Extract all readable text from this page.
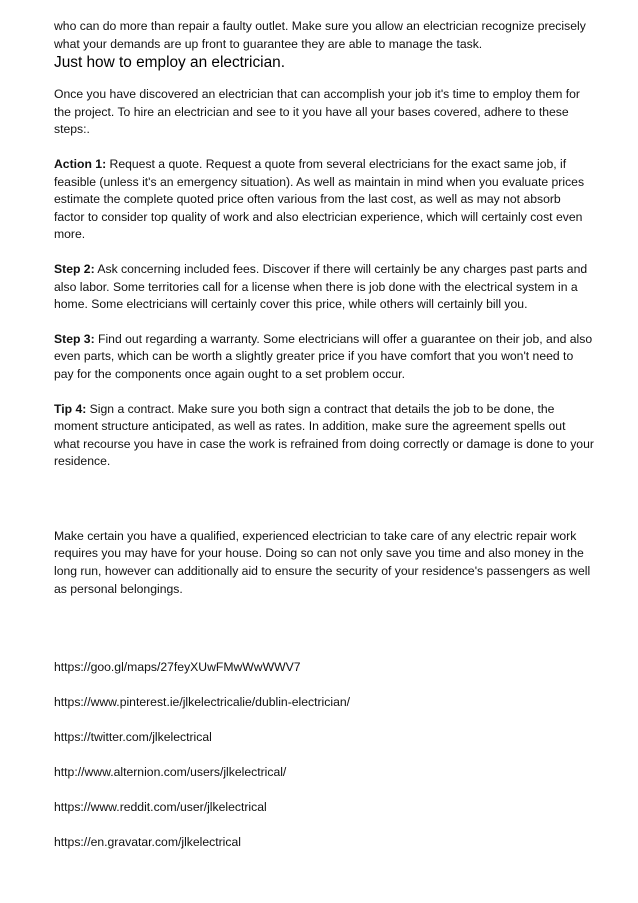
who can do more than repair a faulty outlet. Make sure you allow an electrician recognize precisely what your demands are up front to guarantee they are able to manage the task.

Just how to employ an electrician.

Once you have discovered an electrician that can accomplish your job it's time to employ them for the project. To hire an electrician and see to it you have all your bases covered, adhere to these steps:.

Action 1: Request a quote. Request a quote from several electricians for the exact same job, if feasible (unless it's an emergency situation). As well as maintain in mind when you evaluate prices estimate the complete quoted price often various from the last cost, as well as may not absorb factor to consider top quality of work and also electrician experience, which will certainly cost even more.

Step 2: Ask concerning included fees. Discover if there will certainly be any charges past parts and also labor. Some territories call for a license when there is job done with the electrical system in a home. Some electricians will certainly cover this price, while others will certainly bill you.

Step 3: Find out regarding a warranty. Some electricians will offer a guarantee on their job, and also even parts, which can be worth a slightly greater price if you have comfort that you won't need to pay for the components once again ought to a set problem occur.

Tip 4: Sign a contract. Make sure you both sign a contract that details the job to be done, the moment structure anticipated, as well as rates. In addition, make sure the agreement spells out what recourse you have in case the work is refrained from doing correctly or damage is done to your residence.

Make certain you have a qualified, experienced electrician to take care of any electric repair work requires you may have for your house. Doing so can not only save you time and also money in the long run, however can additionally aid to ensure the security of your residence's passengers as well as personal belongings.

https://goo.gl/maps/27feyXUwFMwWwWWV7
https://www.pinterest.ie/jlkelectricalie/dublin-electrician/
https://twitter.com/jlkelectrical
http://www.alternion.com/users/jlkelectrical/
https://www.reddit.com/user/jlkelectrical
https://en.gravatar.com/jlkelectrical
